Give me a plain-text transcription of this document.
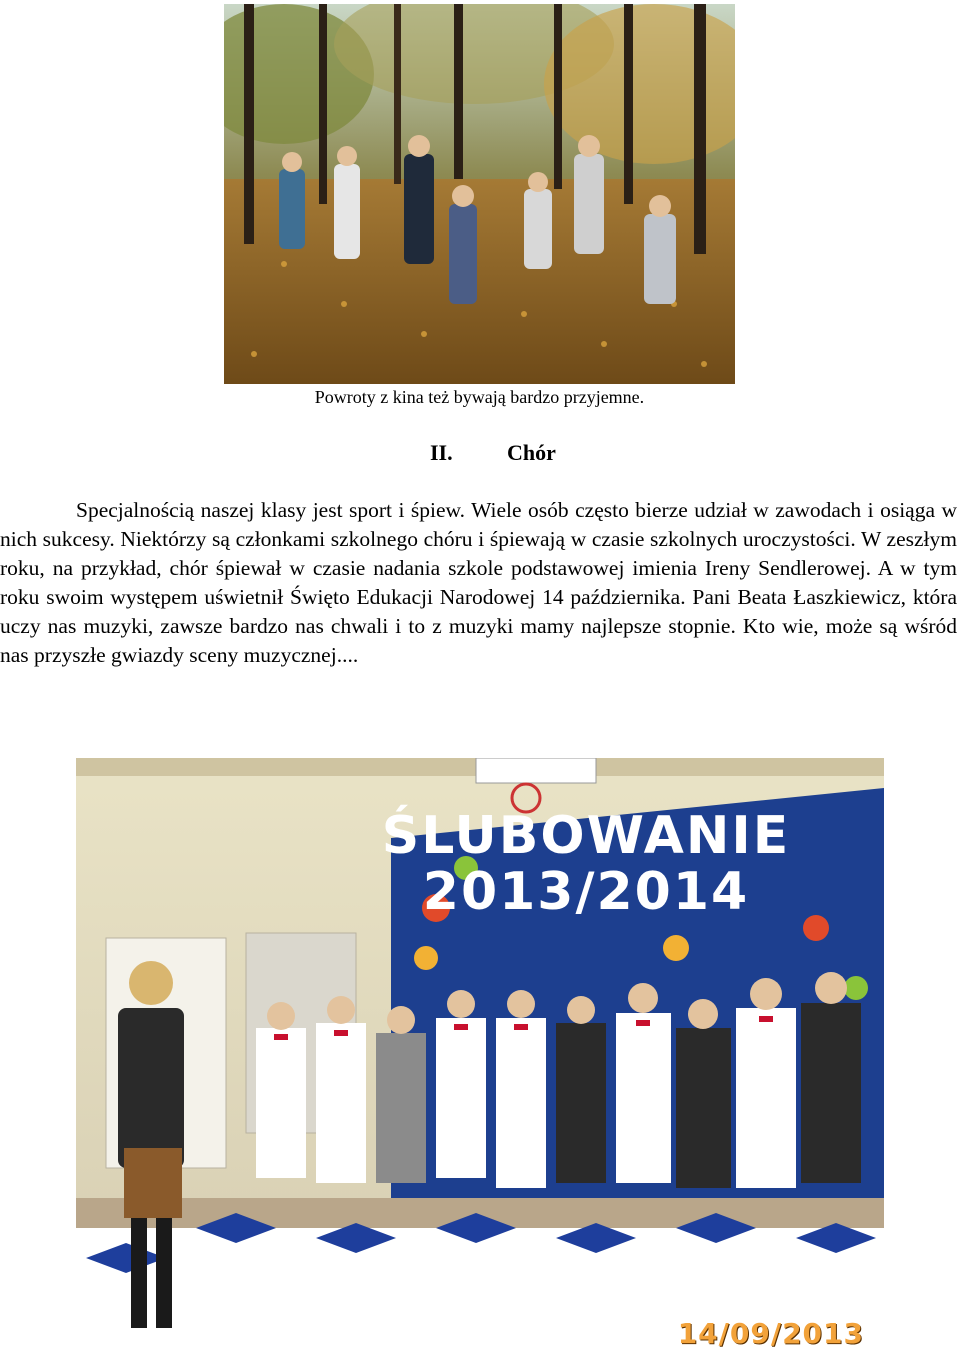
Powroty z kina też bywają bardzo przyjemne.
II. Chór

Specjalnością naszej klasy jest sport i śpiew. Wiele osób często bierze udział w zawodach i osiąga w nich sukcesy. Niektórzy są członkami szkolnego chóru i śpiewają w czasie szkolnych uroczystości. W zeszłym roku, na przykład, chór śpiewał w czasie nadania szkole podstawowej imienia Ireny Sendlerowej. A w tym roku swoim występem uświetnił Święto Edukacji Narodowej 14 października. Pani Beata Łaszkiewicz, która uczy nas muzyki, zawsze bardzo nas chwali i to z muzyki mamy najlepsze stopnie. Kto wie, może są wśród nas przyszłe gwiazdy sceny muzycznej....

ŚLUBOWANIE
2013/2014
14/09/2013
